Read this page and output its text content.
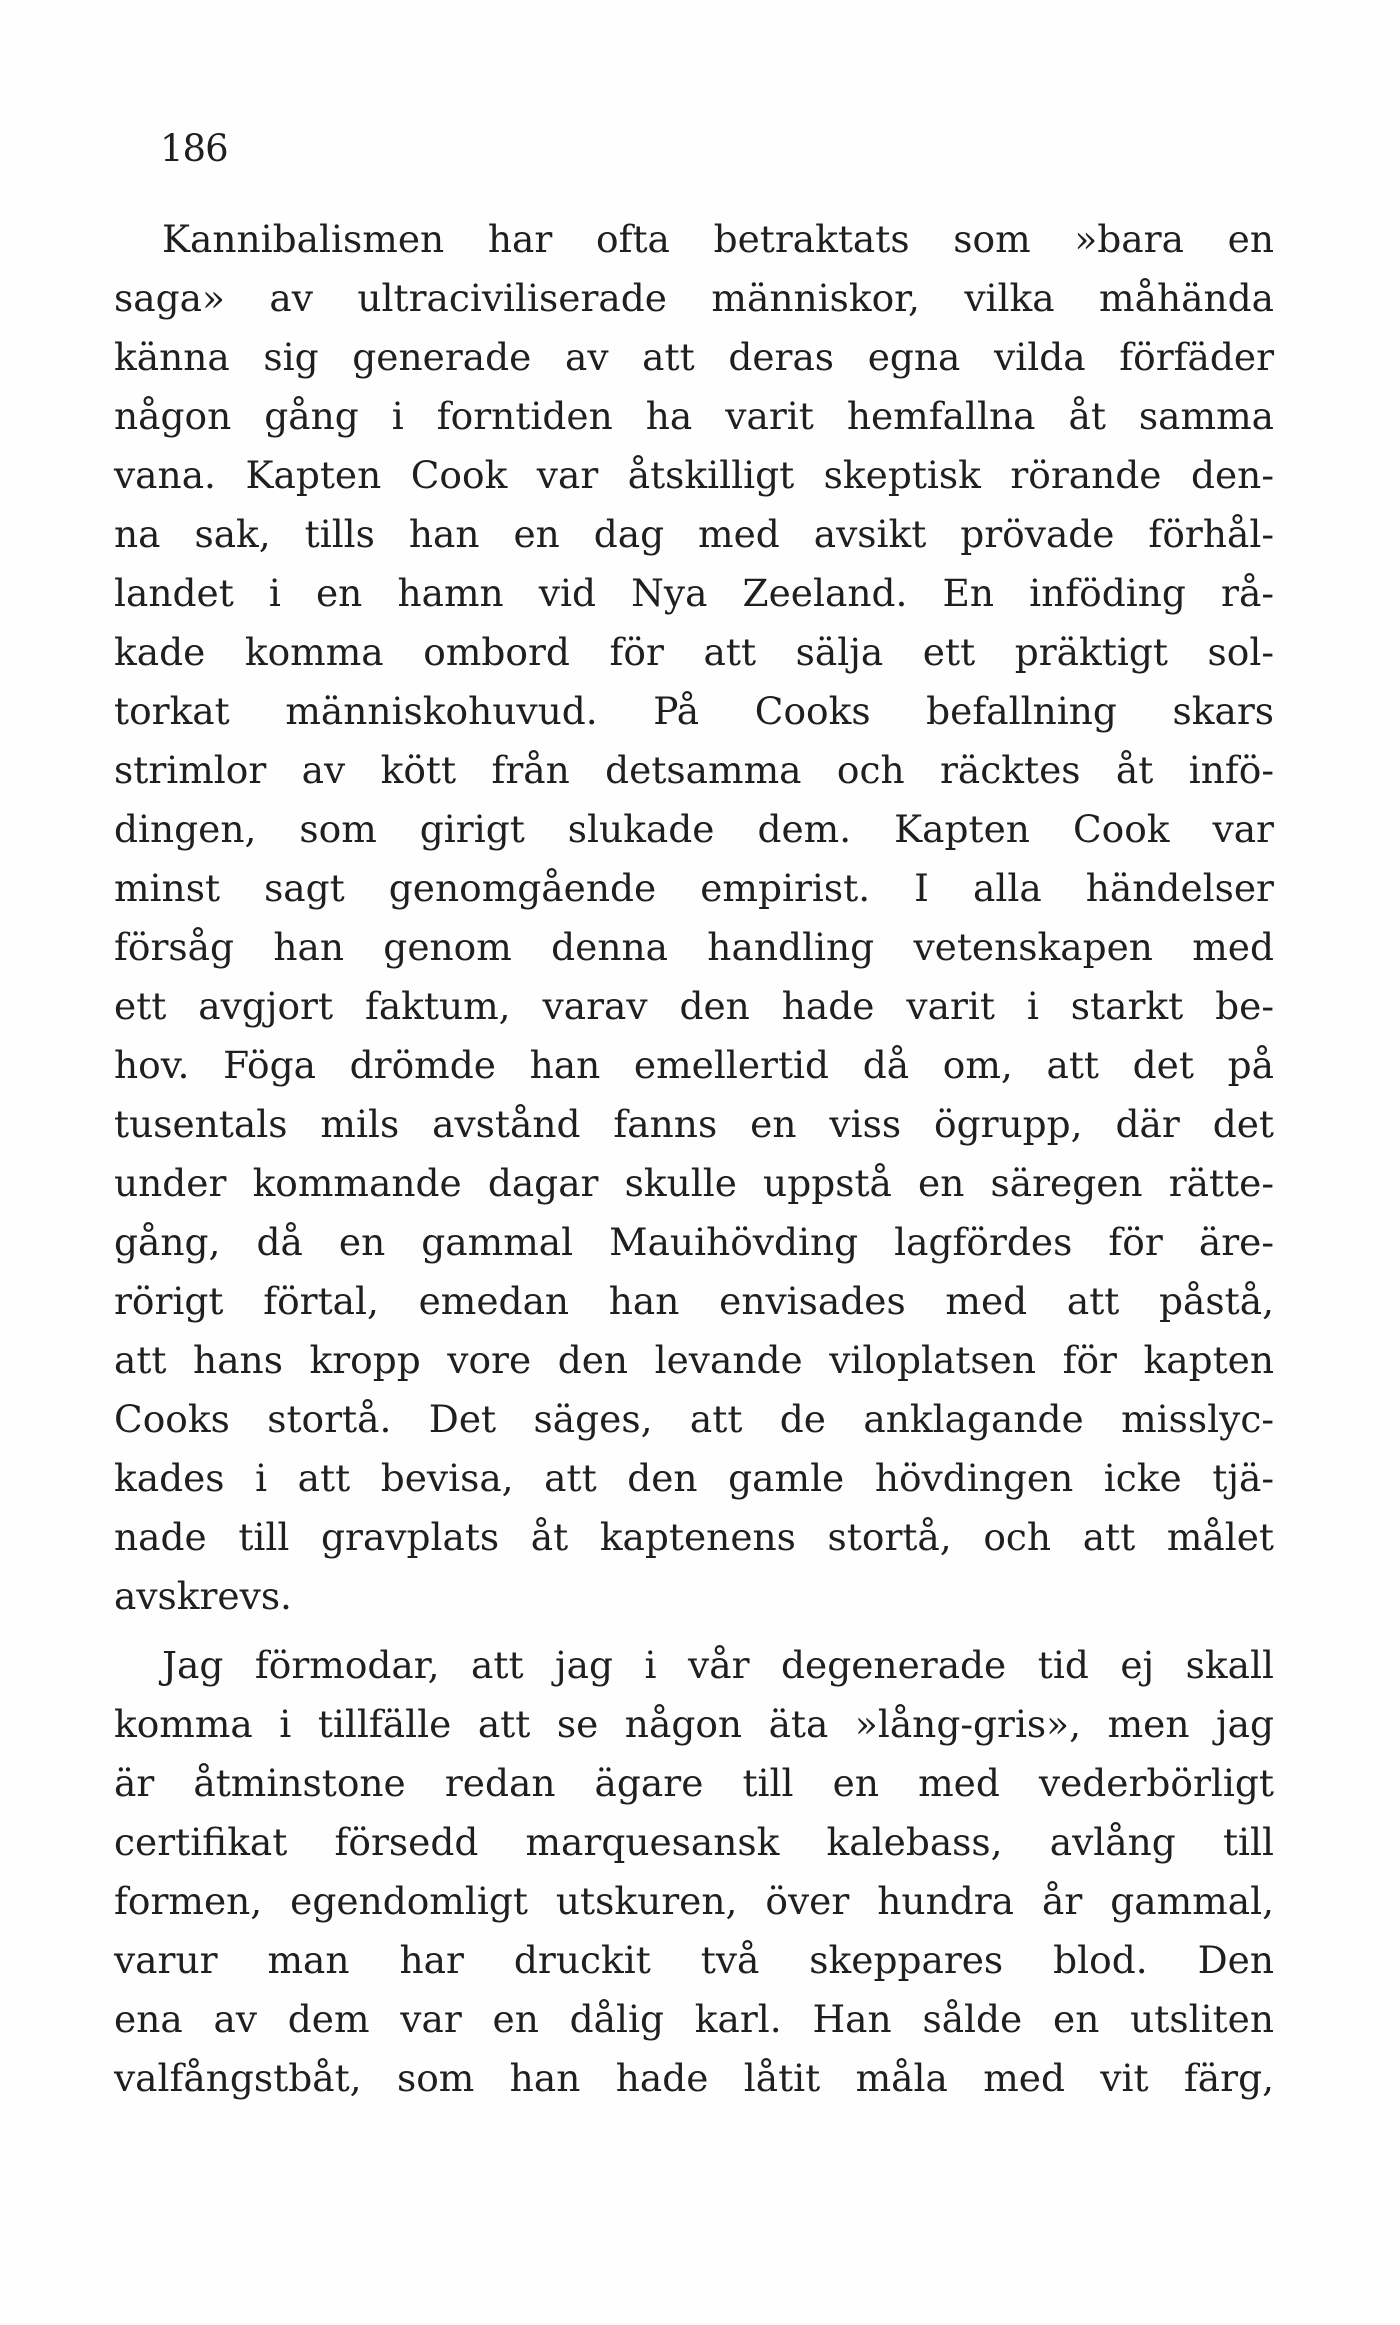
186
Kannibalismen har ofta betraktats som »bara en
saga» av ultraciviliserade människor, vilka måhända
känna sig generade av att deras egna vilda förfäder
någon gång i forntiden ha varit hemfallna åt samma
vana. Kapten Cook var åtskilligt skeptisk rörande den-
na sak, tills han en dag med avsikt prövade förhål-
landet i en hamn vid Nya Zeeland. En inföding rå-
kade komma ombord för att sälja ett präktigt sol-
torkat människohuvud. På Cooks befallning skars
strimlor av kött från detsamma och räcktes åt infö-
dingen, som girigt slukade dem. Kapten Cook var
minst sagt genomgående empirist. I alla händelser
försåg han genom denna handling vetenskapen med
ett avgjort faktum, varav den hade varit i starkt be-
hov. Föga drömde han emellertid då om, att det på
tusentals mils avstånd fanns en viss ögrupp, där det
under kommande dagar skulle uppstå en säregen rätte-
gång, då en gammal Mauihövding lagfördes för äre-
rörigt förtal, emedan han envisades med att påstå,
att hans kropp vore den levande viloplatsen för kapten
Cooks stortå. Det säges, att de anklagande misslyc-
kades i att bevisa, att den gamle hövdingen icke tjä-
nade till gravplats åt kaptenens stortå, och att målet
avskrevs.
Jag förmodar, att jag i vår degenerade tid ej skall
komma i tillfälle att se någon äta »lång-gris», men jag
är åtminstone redan ägare till en med vederbörligt
certifikat försedd marquesansk kalebass, avlång till
formen, egendomligt utskuren, över hundra år gammal,
varur man har druckit två skeppares blod. Den
ena av dem var en dålig karl. Han sålde en utsliten
valfångstbåt, som han hade låtit måla med vit färg,
